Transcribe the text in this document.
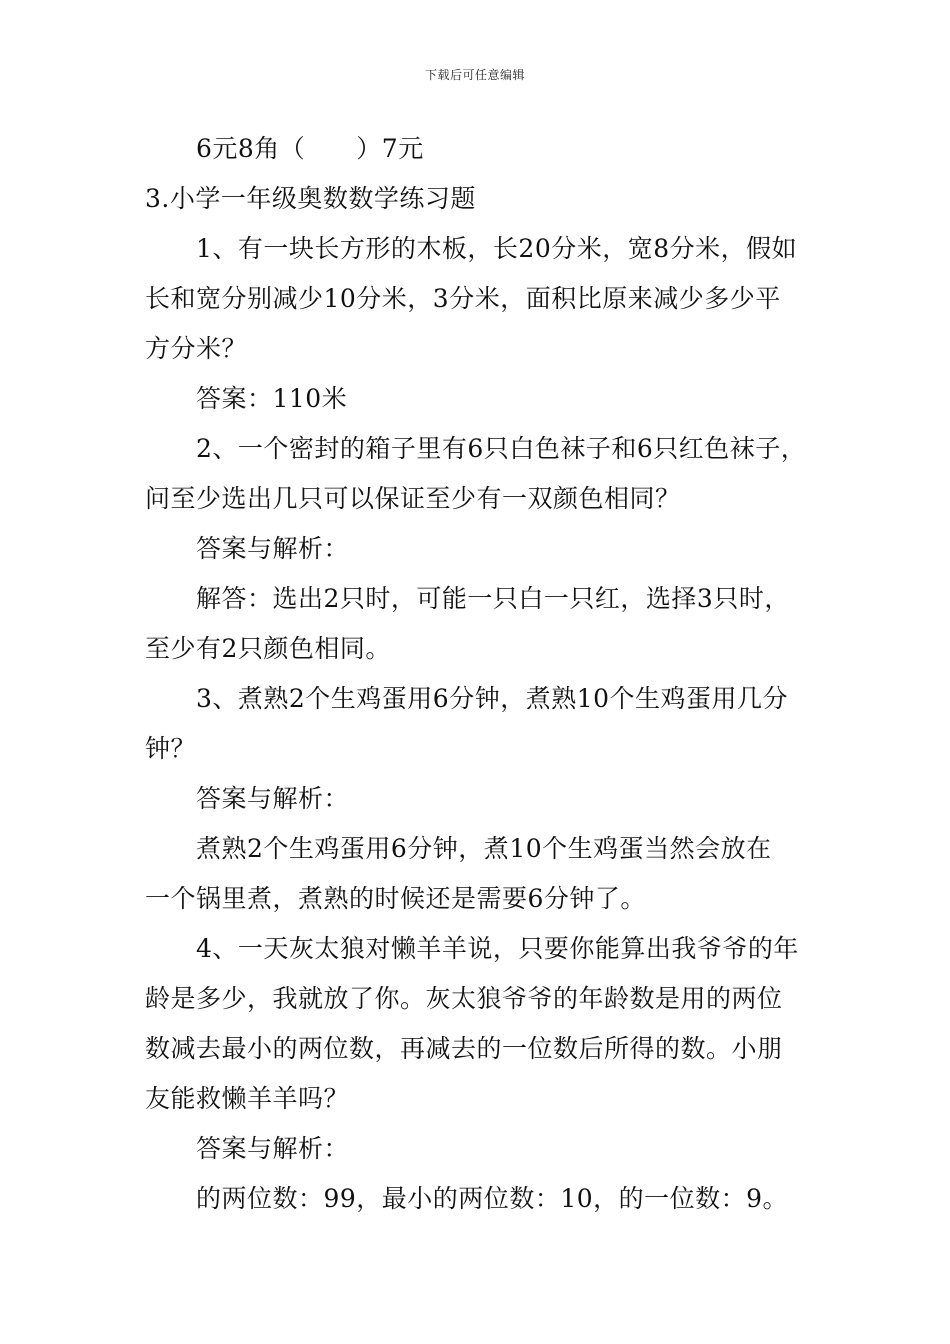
下载后可任意编辑
6元8角（　　）7元
3.小学一年级奥数数学练习题
1、有一块长方形的木板，长20分米，宽8分米，假如
长和宽分别减少10分米，3分米，面积比原来减少多少平
方分米？
答案：110米
2、一个密封的箱子里有6只白色袜子和6只红色袜子，
问至少选出几只可以保证至少有一双颜色相同？
答案与解析：
解答：选出2只时，可能一只白一只红，选择3只时，
至少有2只颜色相同。
3、煮熟2个生鸡蛋用6分钟，煮熟10个生鸡蛋用几分
钟？
答案与解析：
煮熟2个生鸡蛋用6分钟，煮10个生鸡蛋当然会放在
一个锅里煮，煮熟的时候还是需要6分钟了。
4、一天灰太狼对懒羊羊说，只要你能算出我爷爷的年
龄是多少，我就放了你。灰太狼爷爷的年龄数是用的两位
数减去最小的两位数，再减去的一位数后所得的数。小朋
友能救懒羊羊吗？
答案与解析：
的两位数：99，最小的两位数：10，的一位数：9。
